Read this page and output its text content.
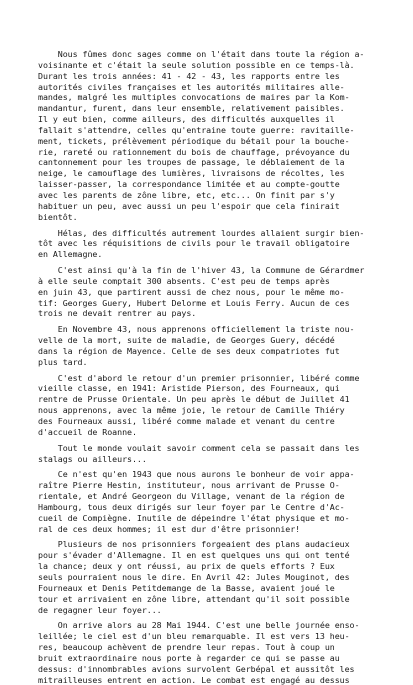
Nous fûmes donc sages comme on l'était dans toute la région a-
voisinante et c'était la seule solution possible en ce temps-là.
Durant les trois années: 41 - 42 - 43, les rapports entre les
autorités civiles françaises et les autorités militaires alle-
mandes, malgré les multiples convocations de maires par la Kom-
mandantur, furent, dans leur ensemble, relativement paisibles.
Il y eut bien, comme ailleurs, des difficultés auxquelles il
fallait s'attendre, celles qu'entraine toute guerre: ravitaille-
ment, tickets, prélèvement périodique du bétail pour la bouche-
rie, rareté ou rationnement du bois de chauffage, prévoyance du
cantonnement pour les troupes de passage, le déblaiement de la
neige, le camouflage des lumières, livraisons de récoltes, les
laisser-passer, la correspondance limitée et au compte-goutte
avec les parents de zône libre, etc, etc... On finit par s'y
habituer un peu, avec aussi un peu l'espoir que cela finirait
bientôt.
Hélas, des difficultés autrement lourdes allaient surgir bien-
tôt avec les réquisitions de civils pour le travail obligatoire
en Allemagne.
C'est ainsi qu'à la fin de l'hiver 43, la Commune de Gérardmer
à elle seule comptait 300 absents. C'est peu de temps après
en juin 43, que partirent aussi de chez nous, pour le même mo-
tif: Georges Guery, Hubert Delorme et Louis Ferry. Aucun de ces
trois ne devait rentrer au pays.
En Novembre 43, nous apprenons officiellement la triste nou-
velle de la mort, suite de maladie, de Georges Guery, décédé
dans la région de Mayence. Celle de ses deux compatriotes fut
plus tard.
C'est d'abord le retour d'un premier prisonnier, libéré comme
vieille classe, en 1941: Aristide Pierson, des Fourneaux, qui
rentre de Prusse Orientale. Un peu après le début de Juillet 41
nous apprenons, avec la même joie, le retour de Camille Thiéry
des Fourneaux aussi, libéré comme malade et venant du centre
d'accueil de Roanne.
Tout le monde voulait savoir comment cela se passait dans les
stalags ou ailleurs...
Ce n'est qu'en 1943 que nous aurons le bonheur de voir appa-
raître Pierre Hestin, instituteur, nous arrivant de Prusse O-
rientale, et André Georgeon du Village, venant de la région de
Hambourg, tous deux dirigés sur leur foyer par le Centre d'Ac-
cueil de Compiègne. Inutile de dépeindre l'état physique et mo-
ral de ces deux hommes; il est dur d'être prisonnier!
Plusieurs de nos prisonniers forgeaient des plans audacieux
pour s'évader d'Allemagne. Il en est quelques uns qui ont tenté
la chance; deux y ont réussi, au prix de quels efforts ? Eux
seuls pourraient nous le dire. En Avril 42: Jules Mouginot, des
Fourneaux et Denis Petitdemange de la Basse, avaient joué le
tour et arrivaient en zône libre, attendant qu'il soit possible
de regagner leur foyer...
On arrive alors au 28 Mai 1944. C'est une belle journée enso-
leillée; le ciel est d'un bleu remarquable. Il est vers 13 heu-
res, beaucoup achèvent de prendre leur repas. Tout à coup un
bruit extraordinaire nous porte à regarder ce qui se passe au
dessus: d'innombrables avions survolent Gerbépal et aussitôt les
mitrailleuses entrent en action. Le combat est engagé au dessus
